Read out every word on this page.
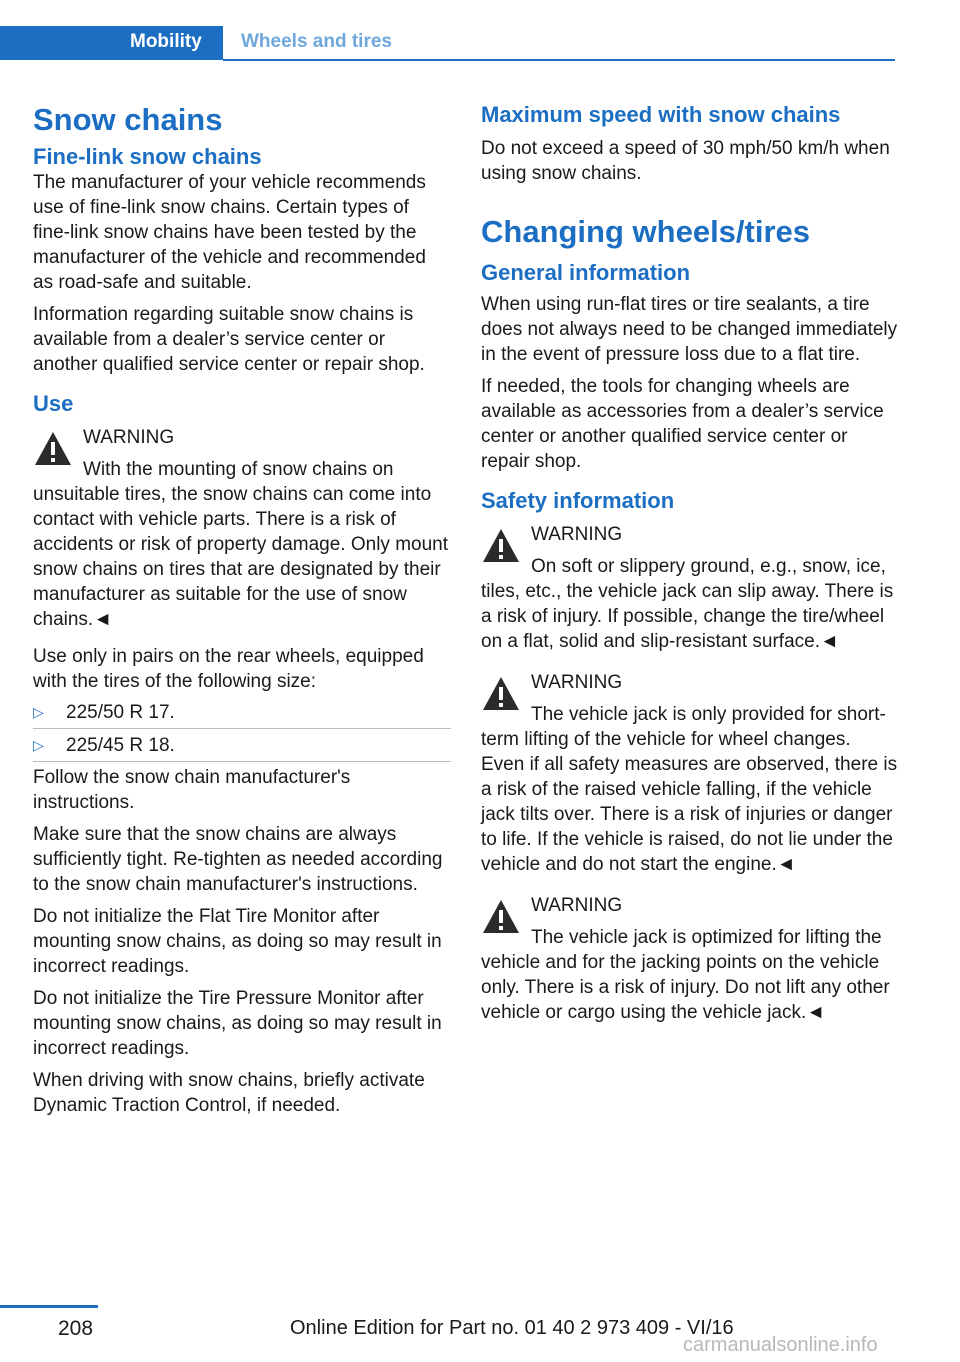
Mobility	Wheels and tires
Snow chains
Fine-link snow chains

The manufacturer of your vehicle recommends use of fine-link snow chains. Certain types of fine-link snow chains have been tested by the manufacturer of the vehicle and recommended as road-safe and suitable.

Information regarding suitable snow chains is available from a dealer’s service center or another qualified service center or repair shop.

Use
WARNING
With the mounting of snow chains on unsuitable tires, the snow chains can come into contact with vehicle parts. There is a risk of accidents or risk of property damage. Only mount snow chains on tires that are designated by their manufacturer as suitable for the use of snow chains.◄

Use only in pairs on the rear wheels, equipped with the tires of the following size:

▷ 225/50 R 17.
▷ 225/45 R 18.

Follow the snow chain manufacturer's instructions.

Make sure that the snow chains are always sufficiently tight. Re-tighten as needed according to the snow chain manufacturer's instructions.

Do not initialize the Flat Tire Monitor after mounting snow chains, as doing so may result in incorrect readings.

Do not initialize the Tire Pressure Monitor after mounting snow chains, as doing so may result in incorrect readings.

When driving with snow chains, briefly activate Dynamic Traction Control, if needed.

Maximum speed with snow chains

Do not exceed a speed of 30 mph/50 km/h when using snow chains.

Changing wheels/tires
General information

When using run-flat tires or tire sealants, a tire does not always need to be changed immediately in the event of pressure loss due to a flat tire.

If needed, the tools for changing wheels are available as accessories from a dealer’s service center or another qualified service center or repair shop.

Safety information
WARNING
On soft or slippery ground, e.g., snow, ice, tiles, etc., the vehicle jack can slip away. There is a risk of injury. If possible, change the tire/wheel on a flat, solid and slip-resistant surface.◄
WARNING
The vehicle jack is only provided for short-term lifting of the vehicle for wheel changes. Even if all safety measures are observed, there is a risk of the raised vehicle falling, if the vehicle jack tilts over. There is a risk of injuries or danger to life. If the vehicle is raised, do not lie under the vehicle and do not start the engine.◄
WARNING
The vehicle jack is optimized for lifting the vehicle and for the jacking points on the vehicle only. There is a risk of injury. Do not lift any other vehicle or cargo using the vehicle jack.◄
208	Online Edition for Part no. 01 40 2 973 409 - VI/16
carmanualsonline.info
